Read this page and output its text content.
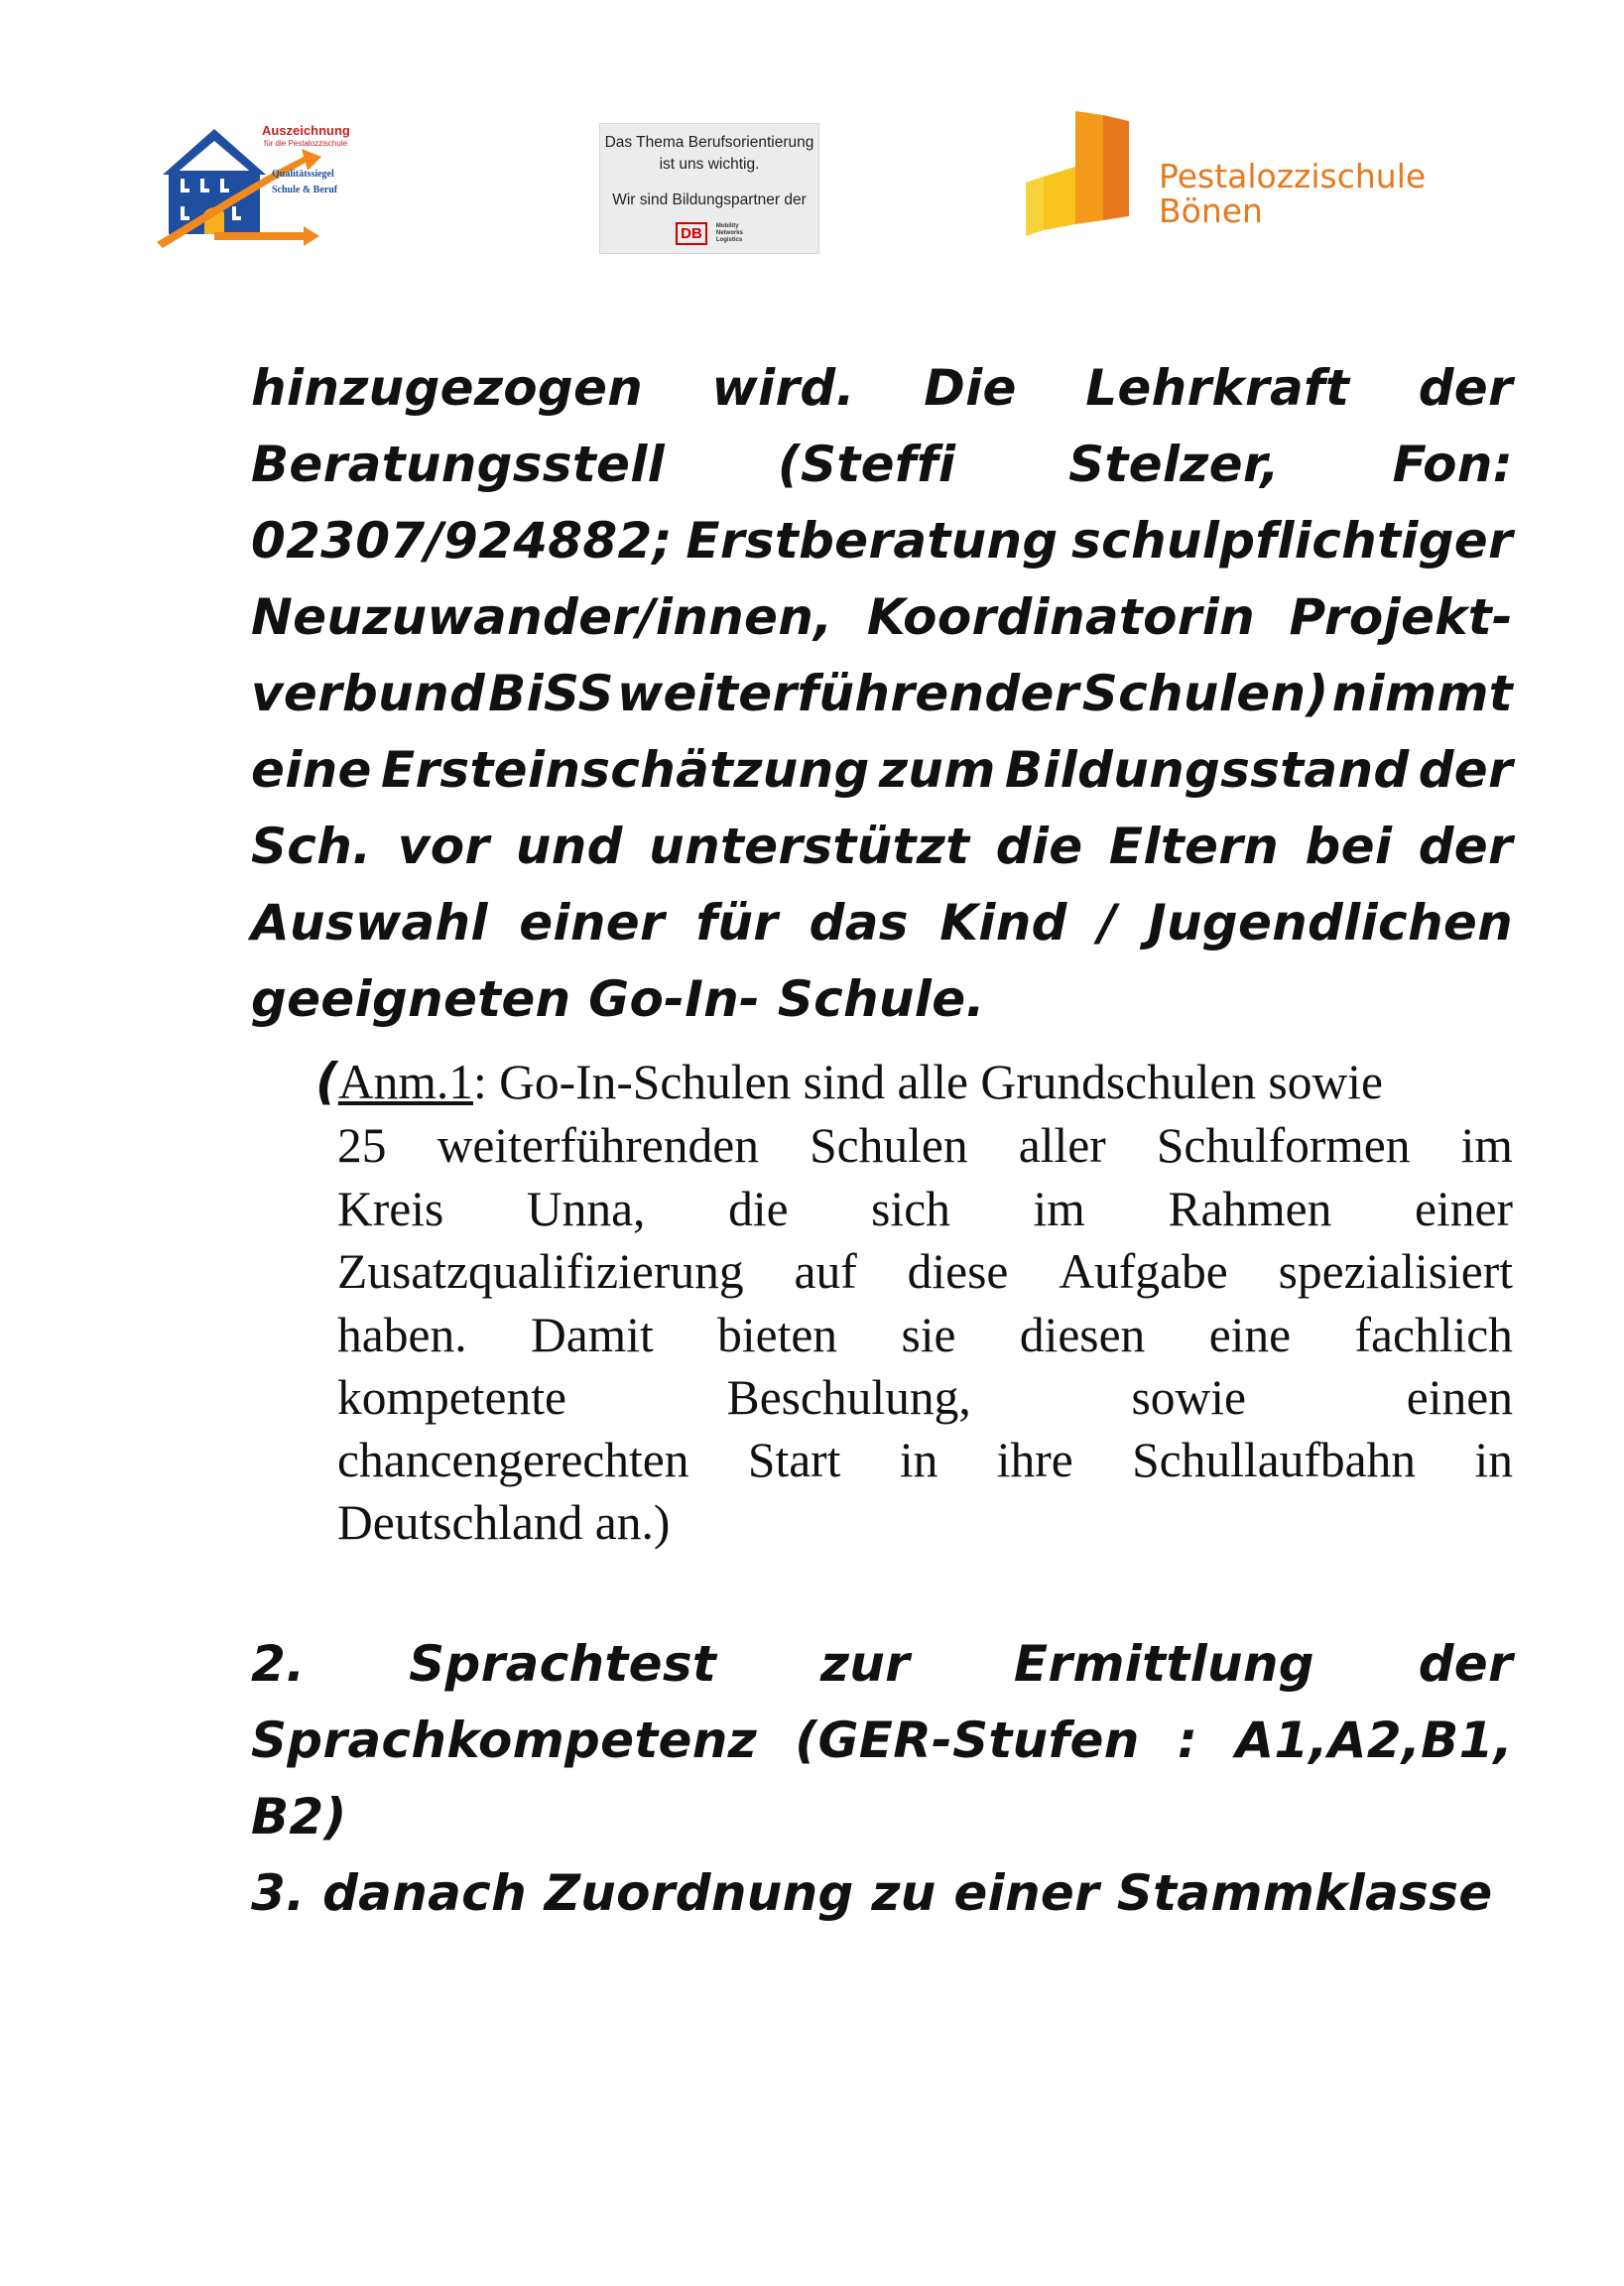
Auszeichnung
für die Pestalozzischule
Qualitätssiegel
Schule & Beruf
Das Thema Berufsorientierung
ist uns wichtig.
Wir sind Bildungspartner der
DB Mobility
Networks
Logistics
Pestalozzischule
Bönen
hinzugezogen wird. Die Lehrkraft der
Beratungsstell (Steffi Stelzer, Fon:
02307/924882; Erstberatung schulpflichtiger
Neuzuwander/innen, Koordinatorin Projekt-
verbund BiSS weiterführender Schulen) nimmt
eine Ersteinschätzung zum Bildungsstand der
Sch. vor und unterstützt die Eltern bei der
Auswahl einer für das Kind / Jugendlichen
geeigneten Go-In- Schule.
(Anm.1: Go-In-Schulen sind alle Grundschulen sowie
25 weiterführenden Schulen aller Schulformen im
Kreis Unna, die sich im Rahmen einer
Zusatzqualifizierung auf diese Aufgabe spezialisiert
haben. Damit bieten sie diesen eine fachlich
kompetente	Beschulung,	sowie	einen
chancengerechten Start in ihre Schullaufbahn in
Deutschland an.)
2. Sprachtest zur Ermittlung der
Sprachkompetenz (GER-Stufen : A1,A2,B1,
B2)
3. danach Zuordnung zu einer Stammklasse
